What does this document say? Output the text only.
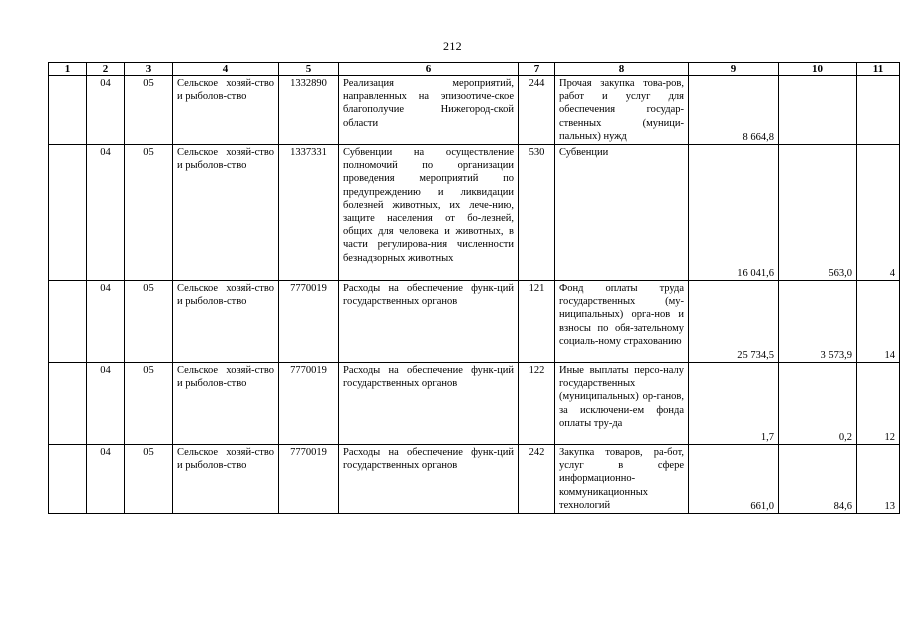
212
1	2	3	4	5	6	7	8	9	10	11
	04	05	Сельское хозяй-ство и рыболов-ство	1332890	Реализация мероприятий, направленных на эпизоотиче-ское благополучие Нижегород-ской области	244	Прочая закупка това-ров, работ и услуг для обеспечения государ-ственных (муници-пальных) нужд	8 664,8		
	04	05	Сельское хозяй-ство и рыболов-ство	1337331	Субвенции на осуществление полномочий по организации проведения мероприятий по предупреждению и ликвидации болезней животных, их лече-нию, защите населения от бо-лезней, общих для человека и животных, в части регулирова-ния численности безнадзорных животных	530	Субвенции	16 041,6	563,0	4
	04	05	Сельское хозяй-ство и рыболов-ство	7770019	Расходы на обеспечение функ-ций государственных органов	121	Фонд оплаты труда государственных (му-ниципальных) орга-нов и взносы по обя-зательному социаль-ному страхованию	25 734,5	3 573,9	14
	04	05	Сельское хозяй-ство и рыболов-ство	7770019	Расходы на обеспечение функ-ций государственных органов	122	Иные выплаты персо-налу государственных (муниципальных) ор-ганов, за исключени-ем фонда оплаты тру-да	1,7	0,2	12
	04	05	Сельское хозяй-ство и рыболов-ство	7770019	Расходы на обеспечение функ-ций государственных органов	242	Закупка товаров, ра-бот, услуг в сфере информационно-коммуникационных технологий	661,0	84,6	13
